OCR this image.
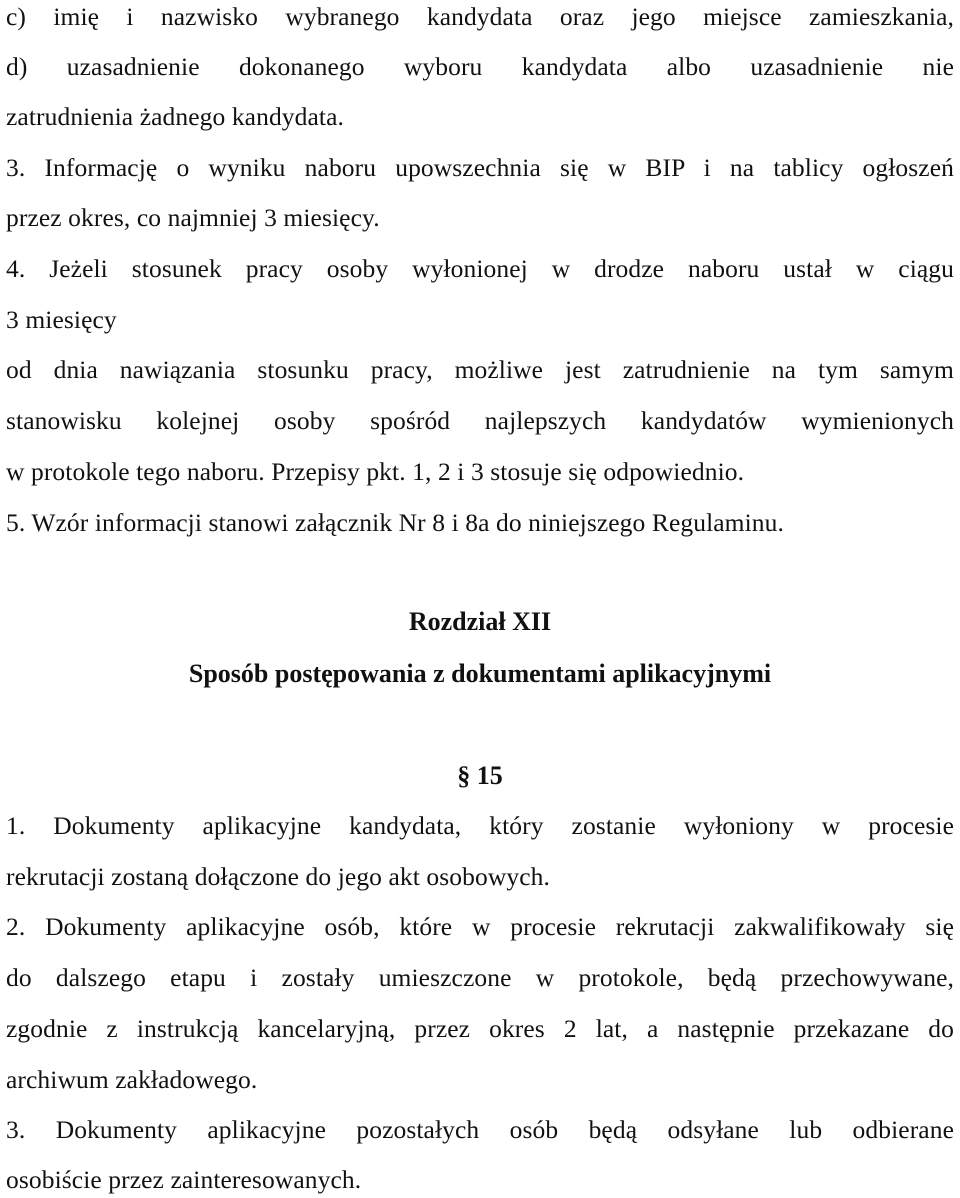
c) imię i nazwisko wybranego kandydata oraz jego miejsce zamieszkania,
d) uzasadnienie dokonanego wyboru kandydata albo uzasadnienie nie
zatrudnienia żadnego kandydata.
3. Informację o wyniku naboru upowszechnia się w BIP i na tablicy ogłoszeń
przez okres, co najmniej 3 miesięcy.
4. Jeżeli stosunek pracy osoby wyłonionej w drodze naboru ustał w ciągu
3 miesięcy
od dnia nawiązania stosunku pracy, możliwe jest zatrudnienie na tym samym
stanowisku kolejnej osoby spośród najlepszych kandydatów wymienionych
w protokole tego naboru. Przepisy pkt. 1, 2 i 3 stosuje się odpowiednio.
5. Wzór informacji stanowi załącznik Nr 8 i 8a do niniejszego Regulaminu.
Rozdział XII
Sposób postępowania z dokumentami aplikacyjnymi
§ 15
1. Dokumenty aplikacyjne kandydata, który zostanie wyłoniony w procesie
rekrutacji zostaną dołączone do jego akt osobowych.
2. Dokumenty aplikacyjne osób, które w procesie rekrutacji zakwalifikowały się
do dalszego etapu i zostały umieszczone w protokole, będą przechowywane,
zgodnie z instrukcją kancelaryjną, przez okres 2 lat, a następnie przekazane do
archiwum zakładowego.
3. Dokumenty aplikacyjne pozostałych osób będą odsyłane lub odbierane
osobiście przez zainteresowanych.
